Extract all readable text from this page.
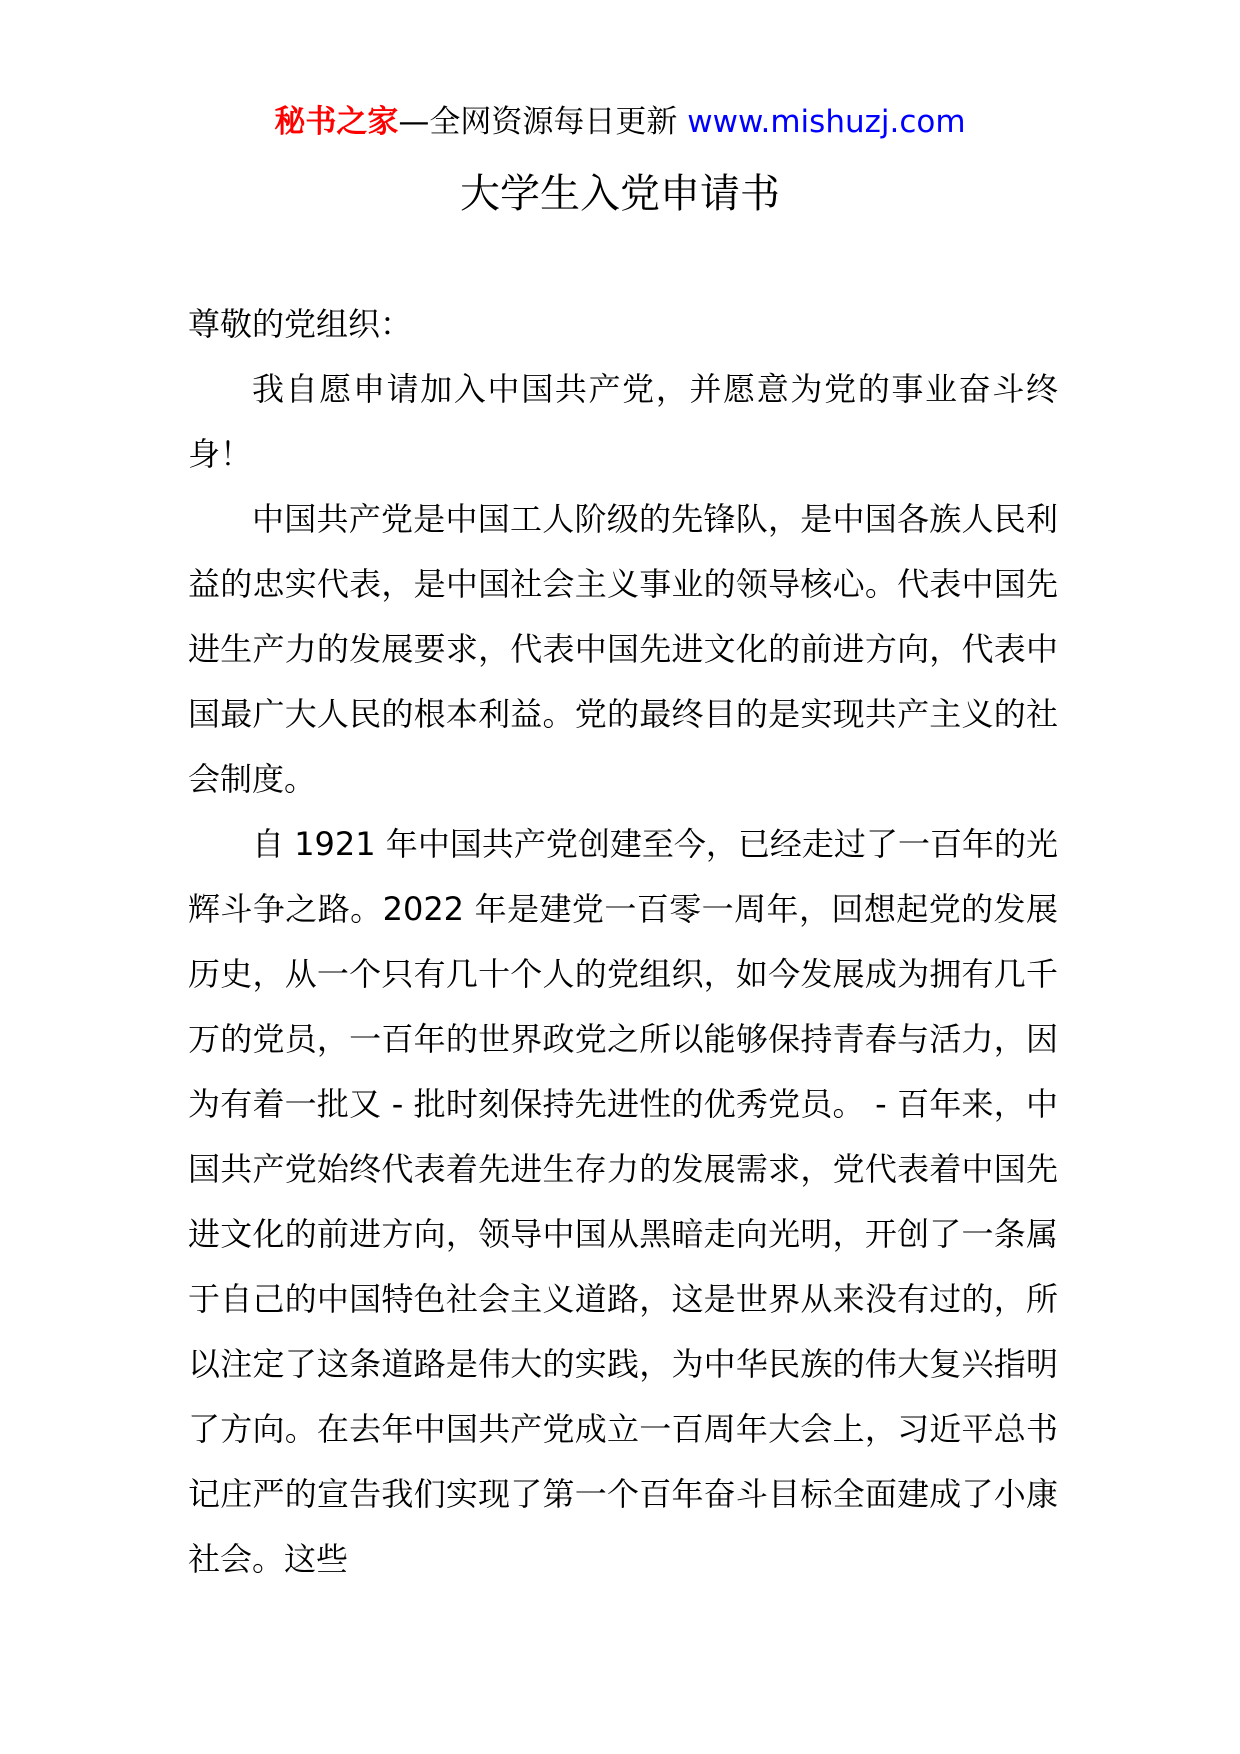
秘书之家—全网资源每日更新 www.mishuzj.com
大学生入党申请书

尊敬的党组织：

我自愿申请加入中国共产党，并愿意为党的事业奋斗终身！

中国共产党是中国工人阶级的先锋队，是中国各族人民利益的忠实代表，是中国社会主义事业的领导核心。代表中国先进生产力的发展要求，代表中国先进文化的前进方向，代表中国最广大人民的根本利益。党的最终目的是实现共产主义的社会制度。

自 1921 年中国共产党创建至今，已经走过了一百年的光辉斗争之路。2022 年是建党一百零一周年，回想起党的发展历史，从一个只有几十个人的党组织，如今发展成为拥有几千万的党员，一百年的世界政党之所以能够保持青春与活力，因为有着一批又 - 批时刻保持先进性的优秀党员。 - 百年来，中国共产党始终代表着先进生存力的发展需求，党代表着中国先进文化的前进方向，领导中国从黑暗走向光明，开创了一条属于自己的中国特色社会主义道路，这是世界从来没有过的，所以注定了这条道路是伟大的实践，为中华民族的伟大复兴指明了方向。在去年中国共产党成立一百周年大会上，习近平总书记庄严的宣告我们实现了第一个百年奋斗目标全面建成了小康社会。这些
